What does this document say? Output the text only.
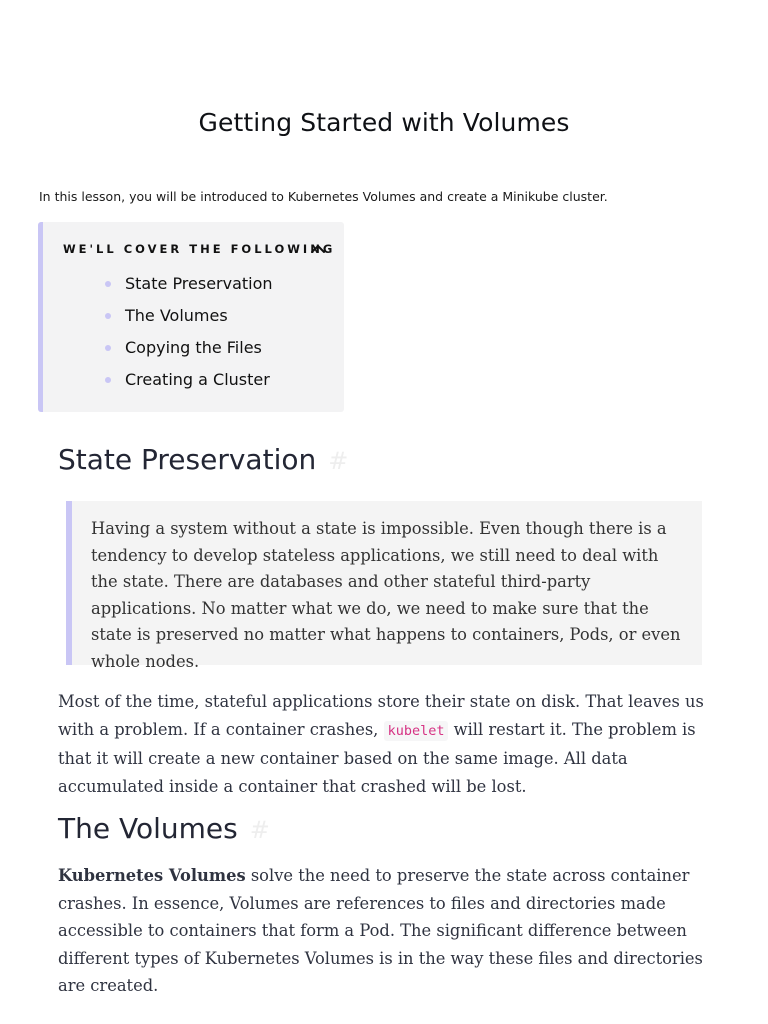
Getting Started with Volumes

In this lesson, you will be introduced to Kubernetes Volumes and create a Minikube cluster.

WE'LL COVER THE FOLLOWING
State Preservation
The Volumes
Copying the Files
Creating a Cluster
State Preservation #
Having a system without a state is impossible. Even though there is a tendency to develop stateless applications, we still need to deal with the state. There are databases and other stateful third-party applications. No matter what we do, we need to make sure that the state is preserved no matter what happens to containers, Pods, or even whole nodes.

Most of the time, stateful applications store their state on disk. That leaves us with a problem. If a container crashes, kubelet will restart it. The problem is that it will create a new container based on the same image. All data accumulated inside a container that crashed will be lost.

The Volumes #

Kubernetes Volumes solve the need to preserve the state across container crashes. In essence, Volumes are references to files and directories made accessible to containers that form a Pod. The significant difference between different types of Kubernetes Volumes is in the way these files and directories are created.
